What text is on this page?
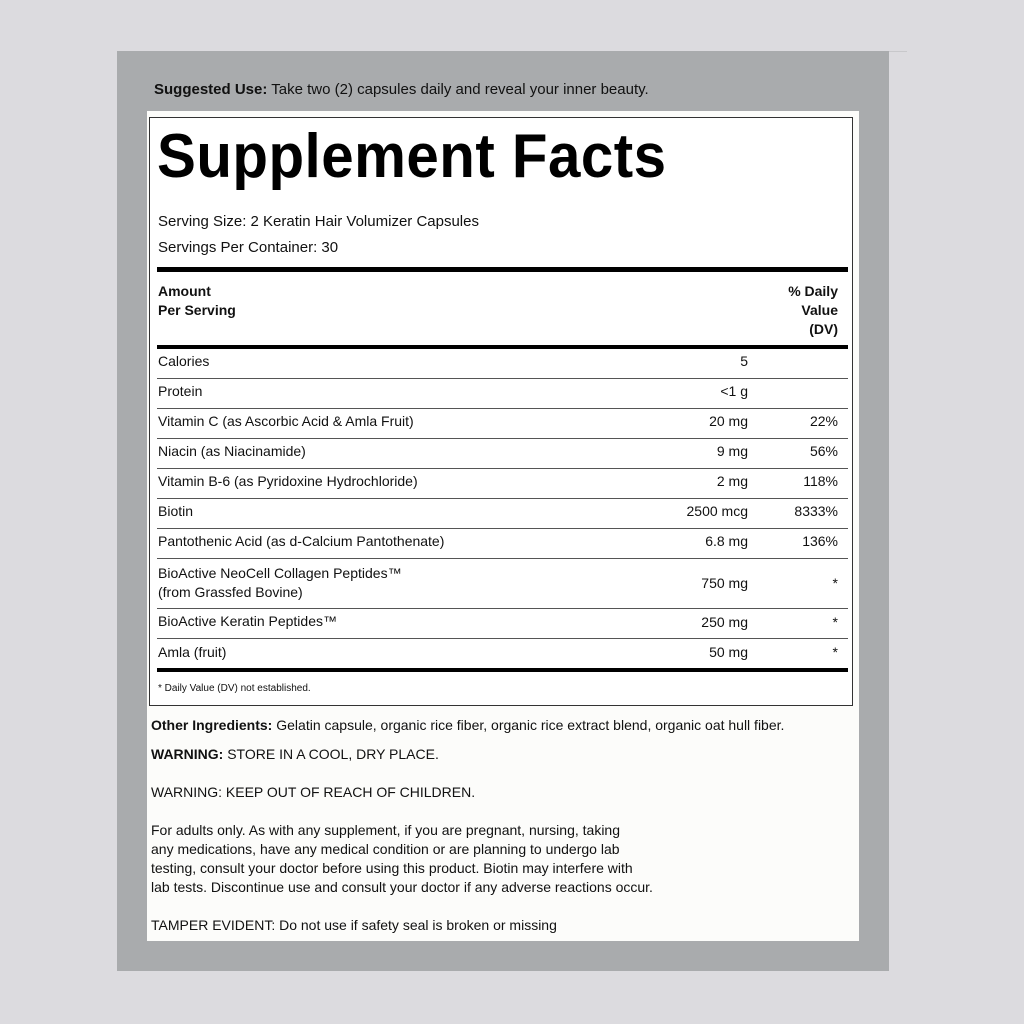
Suggested Use: Take two (2) capsules daily and reveal your inner beauty.
Supplement Facts
Serving Size: 2 Keratin Hair Volumizer Capsules
Servings Per Container: 30
Amount
Per Serving
% Daily
Value
(DV)
Calories	5
Protein	<1 g
Vitamin C (as Ascorbic Acid & Amla Fruit)	20 mg	22%
Niacin (as Niacinamide)	9 mg	56%
Vitamin B-6 (as Pyridoxine Hydrochloride)	2 mg	118%
Biotin	2500 mcg	8333%
Pantothenic Acid (as d-Calcium Pantothenate)	6.8 mg	136%
BioActive NeoCell Collagen Peptides™
(from Grassfed Bovine)
750 mg	*
BioActive Keratin Peptides™	250 mg	*
Amla (fruit)	50 mg	*
* Daily Value (DV) not established.
Other Ingredients: Gelatin capsule, organic rice fiber, organic rice extract blend, organic oat hull fiber.
WARNING: STORE IN A COOL, DRY PLACE.
WARNING: KEEP OUT OF REACH OF CHILDREN.
For adults only. As with any supplement, if you are pregnant, nursing, taking
any medications, have any medical condition or are planning to undergo lab
testing, consult your doctor before using this product. Biotin may interfere with
lab tests. Discontinue use and consult your doctor if any adverse reactions occur.
TAMPER EVIDENT: Do not use if safety seal is broken or missing
